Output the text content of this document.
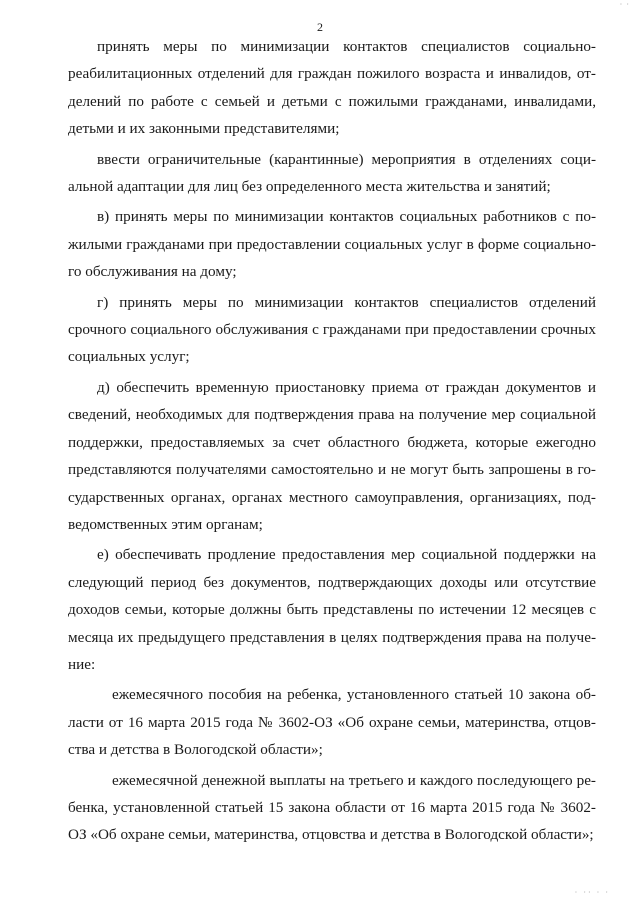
· ·
2
принять меры по минимизации контактов специалистов социально-
реабилитационных отделений для граждан пожилого возраста и инвалидов, от-
делений по работе с семьей и детьми с пожилыми гражданами, инвалидами,
детьми и их законными представителями;
ввести ограничительные (карантинные) мероприятия в отделениях соци-
альной адаптации для лиц без определенного места жительства и занятий;
в) принять меры по минимизации контактов социальных работников с по-
жилыми гражданами при предоставлении социальных услуг в форме социально-
го обслуживания на дому;
г) принять меры по минимизации контактов специалистов отделений
срочного социального обслуживания с гражданами при предоставлении срочных
социальных услуг;
д) обеспечить временную приостановку приема от граждан документов и
сведений, необходимых для подтверждения права на получение мер социальной
поддержки, предоставляемых за счет областного бюджета, которые ежегодно
представляются получателями самостоятельно и не могут быть запрошены в го-
сударственных органах, органах местного самоуправления, организациях, под-
ведомственных этим органам;
е) обеспечивать продление предоставления мер социальной поддержки на
следующий период без документов, подтверждающих доходы или отсутствие
доходов семьи, которые должны быть представлены по истечении 12 месяцев с
месяца их предыдущего представления в целях подтверждения права на получе-
ние:
ежемесячного пособия на ребенка, установленного статьей 10 закона об-
ласти от 16 марта 2015 года № 3602-ОЗ «Об охране семьи, материнства, отцов-
ства и детства в Вологодской области»;
ежемесячной денежной выплаты на третьего и каждого последующего ре-
бенка, установленной статьей 15 закона области от 16 марта 2015 года № 3602-
ОЗ «Об охране семьи, материнства, отцовства и детства в Вологодской области»;
· ·· · ·
